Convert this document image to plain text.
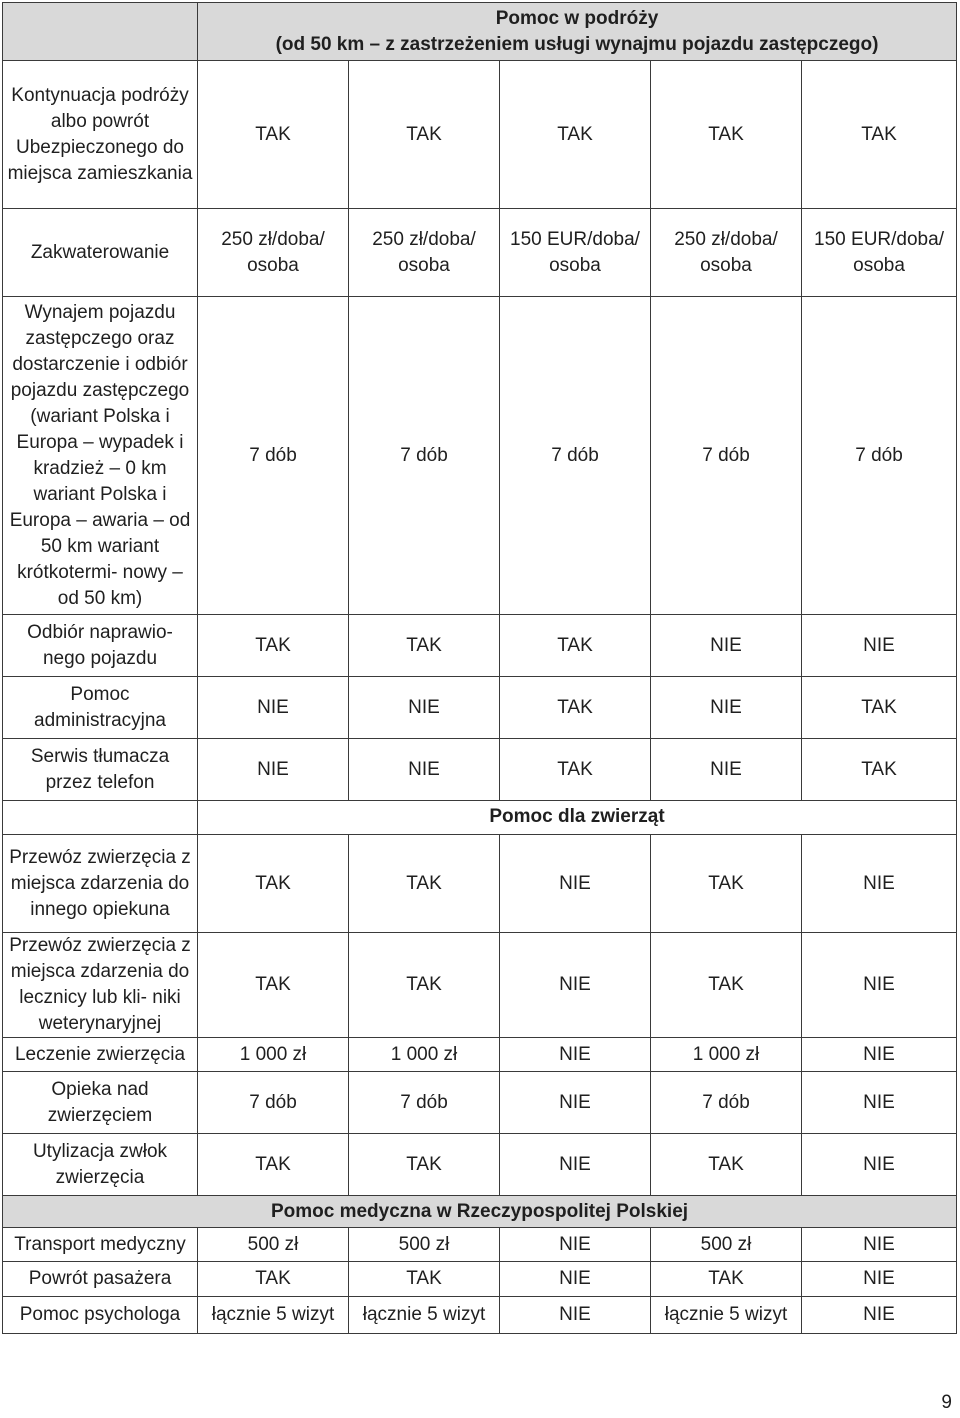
	Pomoc w podróży
(od 50 km – z zastrzeżeniem usługi wynajmu pojazdu zastępczego)				

Kontynuacja podróży albo powrót Ubezpieczonego do miejsca zamieszkania	TAK	TAK	TAK	TAK	TAK
Zakwaterowanie	250 zł/doba/ osoba	250 zł/doba/ osoba	150 EUR/doba/ osoba	250 zł/doba/ osoba	150 EUR/doba/ osoba
Wynajem pojazdu zastępczego oraz dostarczenie i odbiór pojazdu zastępczego (wariant Polska i Europa – wypadek i kradzież – 0 km wariant Polska i Europa – awaria – od 50 km wariant krótkotermi- nowy – od 50 km)	7 dób	7 dób	7 dób	7 dób	7 dób
Odbiór naprawio- nego pojazdu	TAK	TAK	TAK	NIE	NIE
Pomoc administracyjna	NIE	NIE	TAK	NIE	TAK
Serwis tłumacza przez telefon	NIE	NIE	TAK	NIE	TAK
	Pomoc dla zwierząt				
Przewóz zwierzęcia z miejsca zdarzenia do innego opiekuna	TAK	TAK	NIE	TAK	NIE
Przewóz zwierzęcia z miejsca zdarzenia do lecznicy lub kli- niki weterynaryjnej	TAK	TAK	NIE	TAK	NIE
Leczenie zwierzęcia	1 000 zł	1 000 zł	NIE	1 000 zł	NIE
Opieka nad zwierzęciem	7 dób	7 dób	NIE	7 dób	NIE
Utylizacja zwłok zwierzęcia	TAK	TAK	NIE	TAK	NIE
Pomoc medyczna w Rzeczypospolitej Polskiej					
Transport medyczny	500 zł	500 zł	NIE	500 zł	NIE
Powrót pasażera	TAK	TAK	NIE	TAK	NIE
Pomoc psychologa	łącznie 5 wizyt	łącznie 5 wizyt	NIE	łącznie 5 wizyt	NIE
9
